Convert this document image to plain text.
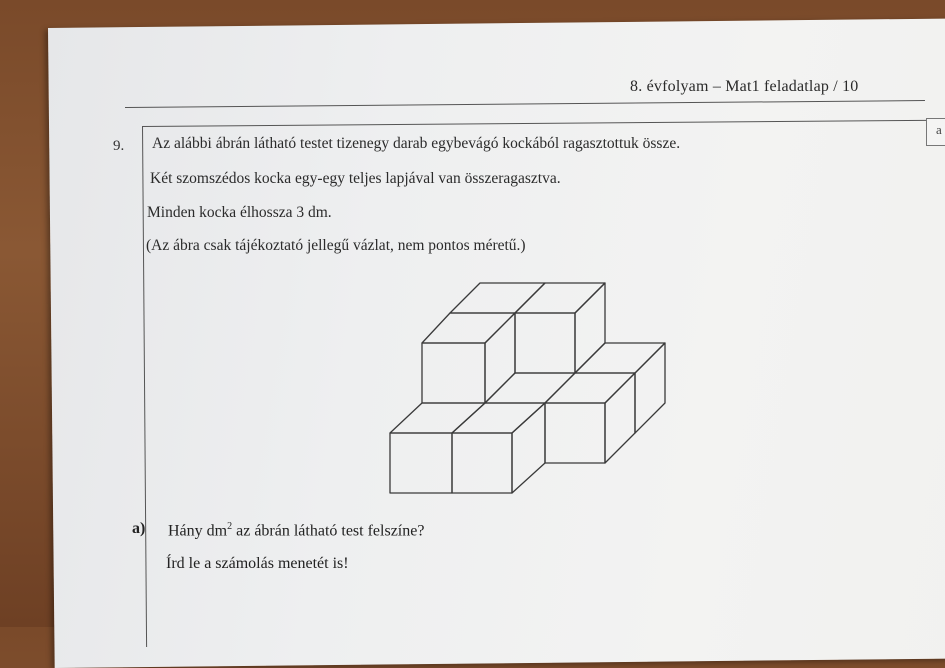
8. évfolyam – Mat1 feladatlap / 10
9. Az alábbi ábrán látható testet tizenegy darab egybevágó kockából ragasztottuk össze.
Két szomszédos kocka egy-egy teljes lapjával van összeragasztva.
Minden kocka élhossza 3 dm.
(Az ábra csak tájékoztató jellegű vázlat, nem pontos méretű.)
a) Hány $dm^2$ az ábrán látható test felszíne?
Írd le a számolás menetét is!
a
